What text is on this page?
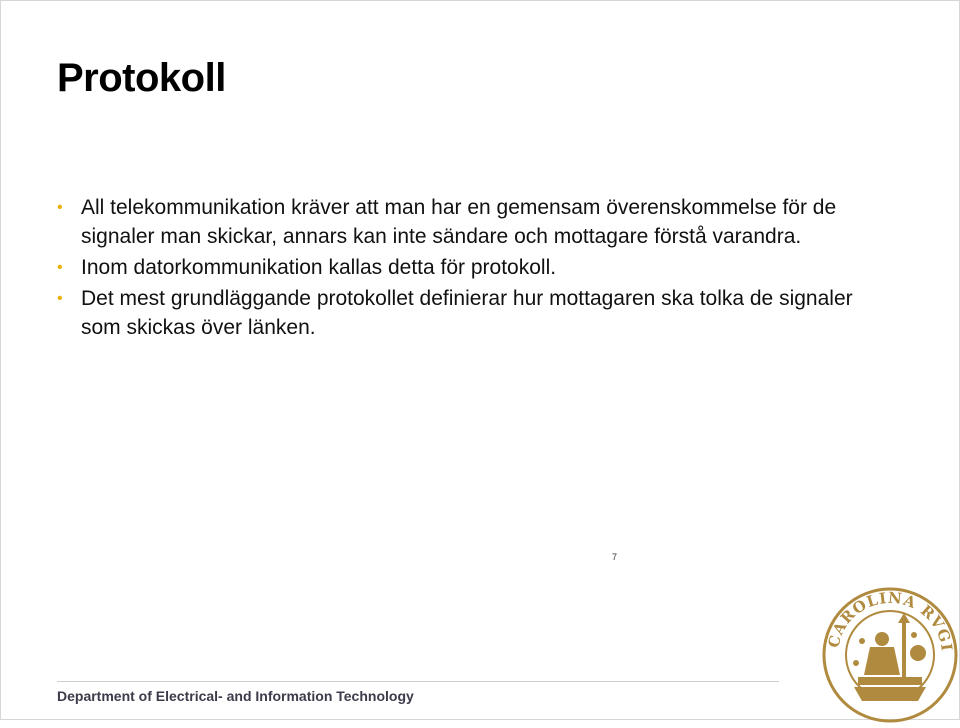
Protokoll
• All telekommunikation kräver att man har en gemensam överenskommelse för de signaler man skickar, annars kan inte sändare och mottagare förstå varandra.
• Inom datorkommunikation kallas detta för protokoll.
• Det mest grundläggande protokollet definierar hur mottagaren ska tolka de signaler som skickas över länken.
7
Department of Electrical- and Information Technology
CAROLINA RVGI
